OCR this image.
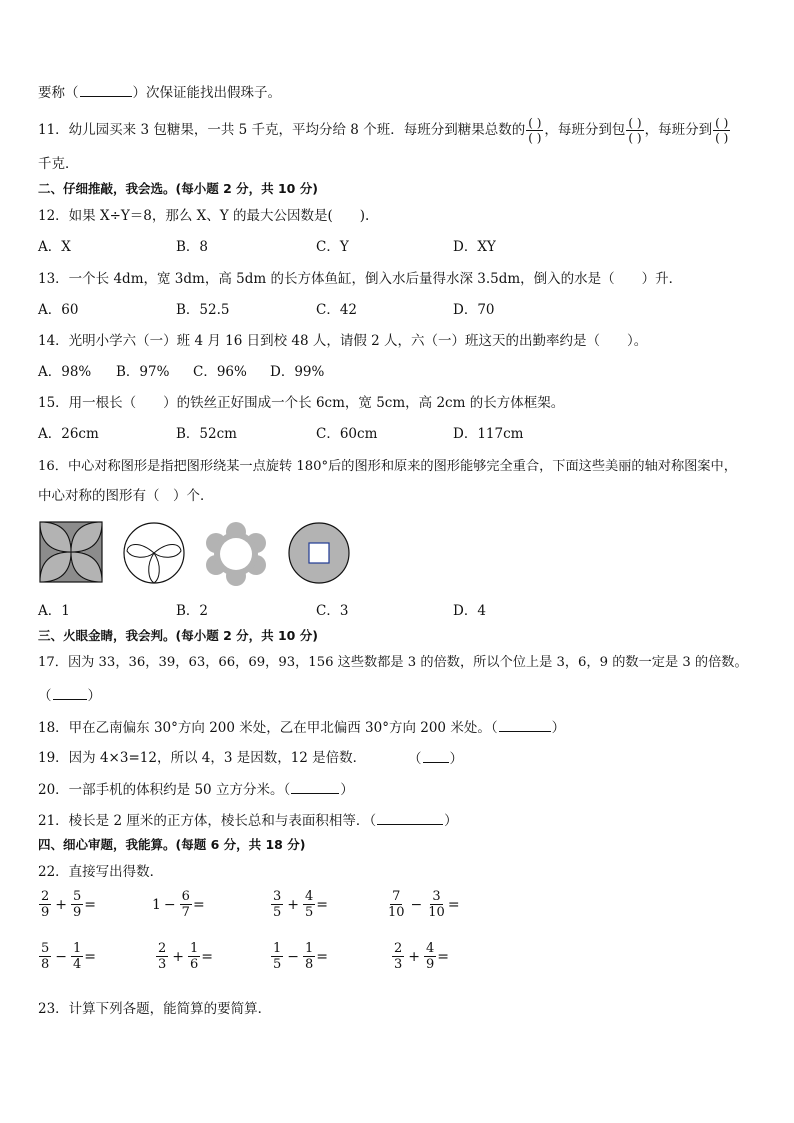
要称（	）次保证能找出假珠子。
11．幼儿园买来 3 包糖果，一共 5 千克，平均分给 8 个班．每班分到糖果总数的 $\frac{( )}{( )}$ ，每班分到包 $\frac{( )}{( )}$ ，每班分到 $\frac{( )}{( )}$
千克．
二、仔细推敲，我会选。(每小题 2 分，共 10 分)
12．如果 X÷Y＝8，那么 X、Y 的最大公因数是(　　).
A．X	B．8	C．Y	D．XY
13．一个长 4dm，宽 3dm，高 5dm 的长方体鱼缸，倒入水后量得水深 3.5dm，倒入的水是（　　）升．
A．60	B．52.5	C．42	D．70
14．光明小学六（一）班 4 月 16 日到校 48 人，请假 2 人，六（一）班这天的出勤率约是（　　）。
A．98% B．97% C．96% D．99%
15．用一根长（　　）的铁丝正好围成一个长 6cm，宽 5cm，高 2cm 的长方体框架。
A．26cm	B．52cm	C．60cm	D．117cm
16．中心对称图形是指把图形绕某一点旋转 180°后的图形和原来的图形能够完全重合，下面这些美丽的轴对称图案中，
中心对称的图形有（　）个．
A．1	B．2	C．3	D．4
三、火眼金睛，我会判。(每小题 2 分，共 10 分)
17．因为 33，36，39，63，66，69，93，156 这些数都是 3 的倍数，所以个位上是 3，6，9 的数一定是 3 的倍数。
（	）
18．甲在乙南偏东 30°方向 200 米处，乙在甲北偏西 30°方向 200 米处。（	）
19．因为 4×3=12，所以 4，3 是因数，12 是倍数．	（ ）
20．一部手机的体积约是 50 立方分米。（	）
21．棱长是 2 厘米的正方体，棱长总和与表面积相等．（	）
四、细心审题，我能算。(每题 6 分，共 18 分)
22．直接写出得数．
$\frac{2}{9} + \frac{5}{9}$ =	$1 - \frac{6}{7}$ =	$\frac{3}{5} + \frac{4}{5}$ =	$\frac{7}{10} - \frac{3}{10}$ =
$\frac{5}{8} - \frac{1}{4}$ =	$\frac{2}{3} + \frac{1}{6}$ =	$\frac{1}{5} - \frac{1}{8}$ =	$\frac{2}{3} + \frac{4}{9}$ =
23．计算下列各题，能简算的要简算．
